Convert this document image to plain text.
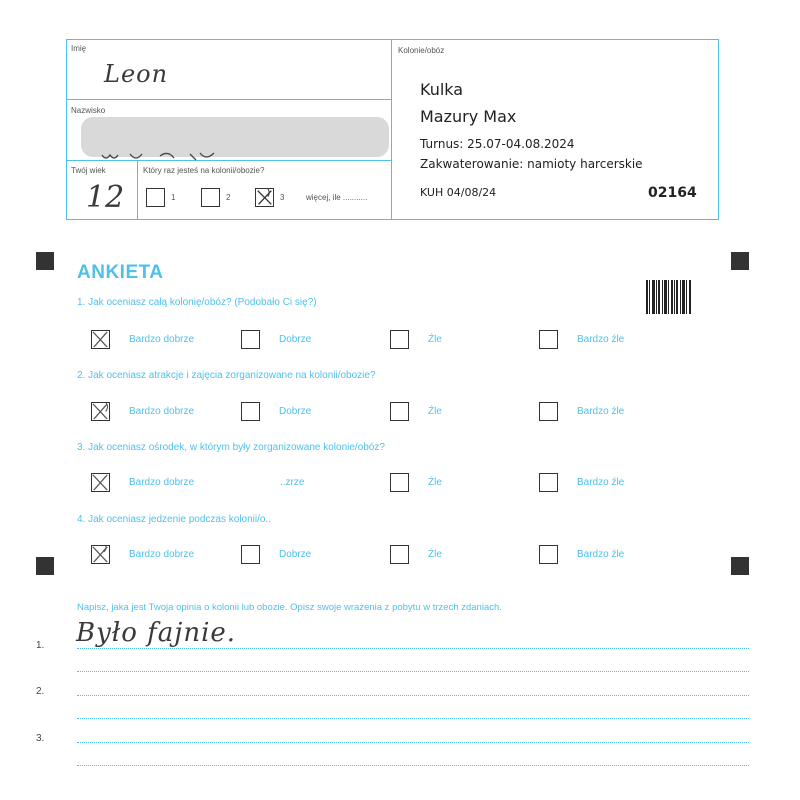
Imię
Leon
Nazwisko
Twój wiek
12
Który raz jesteś na kolonii/obozie?
1	2	3	więcej, ile ...........
Kolonie/obóz
Kulka
Mazury Max
Turnus: 25.07-04.08.2024
Zakwaterowanie: namioty harcerskie
KUH 04/08/24	02164
ANKIETA
1. Jak oceniasz całą kolonię/obóz? (Podobało Ci się?)
Bardzo dobrze	Dobrze	Źle	Bardzo źle
2. Jak oceniasz atrakcje i zajęcia zorganizowane na kolonii/obozie?
Bardzo dobrze	Dobrze	Źle	Bardzo źle
3. Jak oceniasz ośrodek, w którym były zorganizowane kolonie/obóz?
Bardzo dobrze	..zrze	Źle	Bardzo źle
4. Jak oceniasz jedzenie podczas kolonii/o..
Bardzo dobrze	Dobrze	Źle	Bardzo źle
Napisz, jaka jest Twoja opinia o kolonii lub obozie. Opisz swoje wrażenia z pobytu w trzech zdaniach.
1. Było fajnie.
2.
3.
